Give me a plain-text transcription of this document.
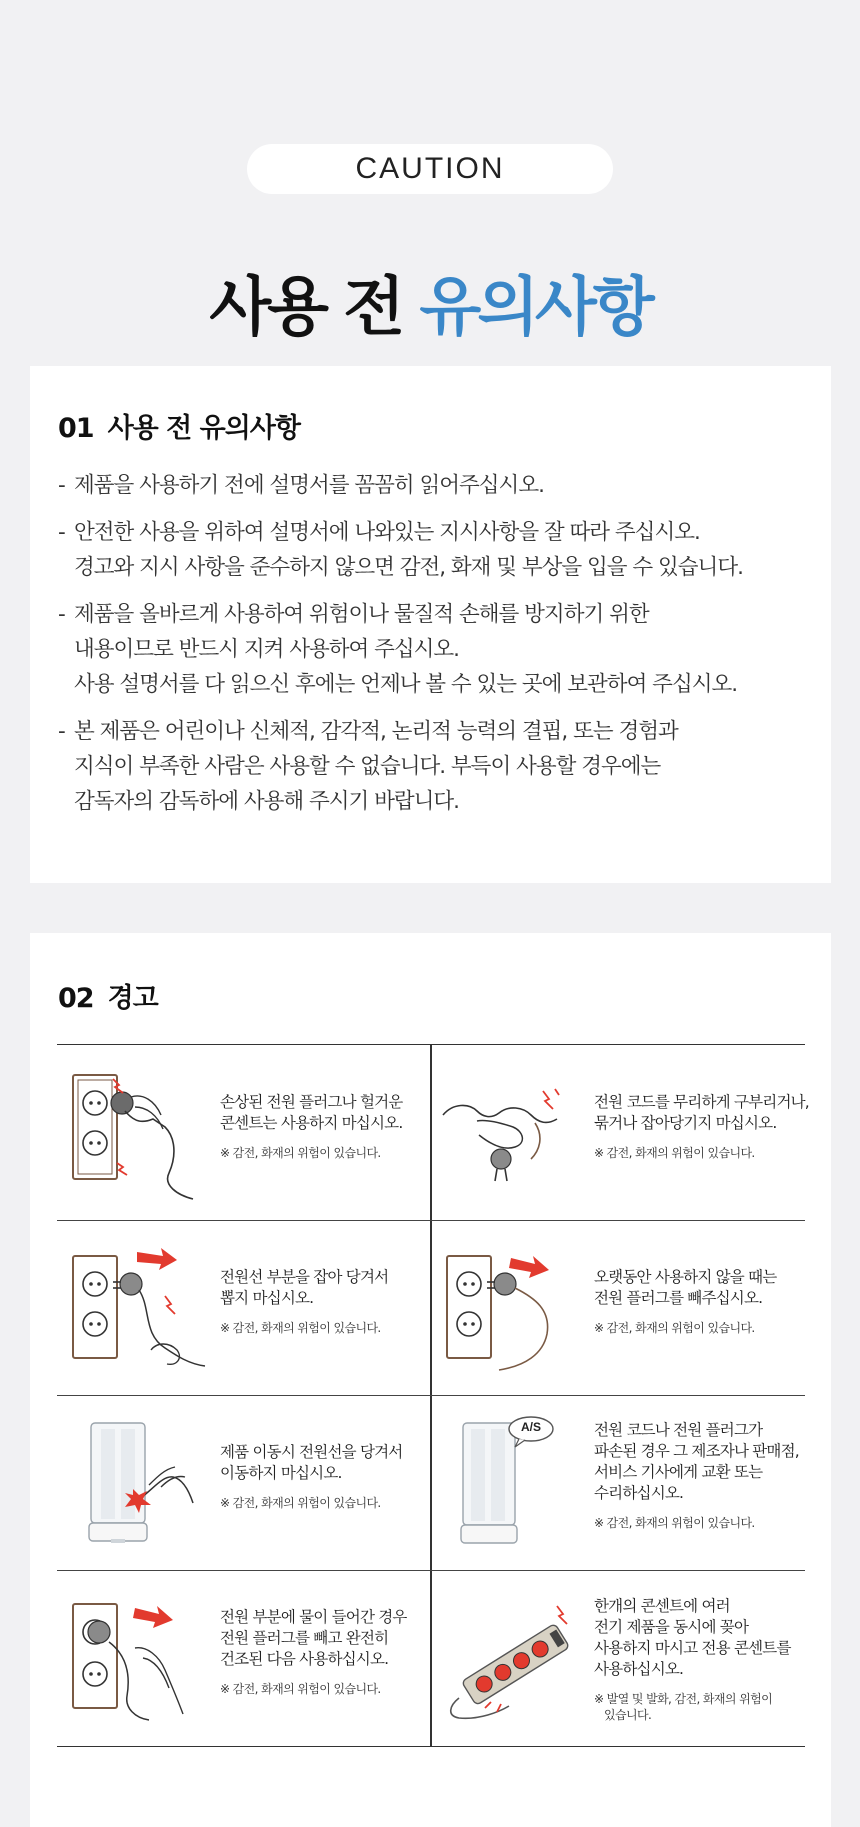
CAUTION
사용 전 유의사항
01 사용 전 유의사항
- 제품을 사용하기 전에 설명서를 꼼꼼히 읽어주십시오.
- 안전한 사용을 위하여 설명서에 나와있는 지시사항을 잘 따라 주십시오.
경고와 지시 사항을 준수하지 않으면 감전, 화재 및 부상을 입을 수 있습니다.
- 제품을 올바르게 사용하여 위험이나 물질적 손해를 방지하기 위한
내용이므로 반드시 지켜 사용하여 주십시오.
사용 설명서를 다 읽으신 후에는 언제나 볼 수 있는 곳에 보관하여 주십시오.
- 본 제품은 어린이나 신체적, 감각적, 논리적 능력의 결핍, 또는 경험과
지식이 부족한 사람은 사용할 수 없습니다. 부득이 사용할 경우에는
감독자의 감독하에 사용해 주시기 바랍니다.
02 경고
손상된 전원 플러그나 헐거운
콘센트는 사용하지 마십시오.
※ 감전, 화재의 위험이 있습니다.
전원 코드를 무리하게 구부리거나,
묶거나 잡아당기지 마십시오.
※ 감전, 화재의 위험이 있습니다.
전원선 부분을 잡아 당겨서
뽑지 마십시오.
※ 감전, 화재의 위험이 있습니다.
오랫동안 사용하지 않을 때는
전원 플러그를 빼주십시오.
※ 감전, 화재의 위험이 있습니다.
제품 이동시 전원선을 당겨서
이동하지 마십시오.
※ 감전, 화재의 위험이 있습니다.
A/S	전원 코드나 전원 플러그가
파손된 경우 그 제조자나 판매점,
서비스 기사에게 교환 또는
수리하십시오.
※ 감전, 화재의 위험이 있습니다.
전원 부분에 물이 들어간 경우
전원 플러그를 빼고 완전히
건조된 다음 사용하십시오.
※ 감전, 화재의 위험이 있습니다.
한개의 콘센트에 여러
전기 제품을 동시에 꽂아
사용하지 마시고 전용 콘센트를
사용하십시오.
※ 발열 및 발화, 감전, 화재의 위험이
있습니다.
